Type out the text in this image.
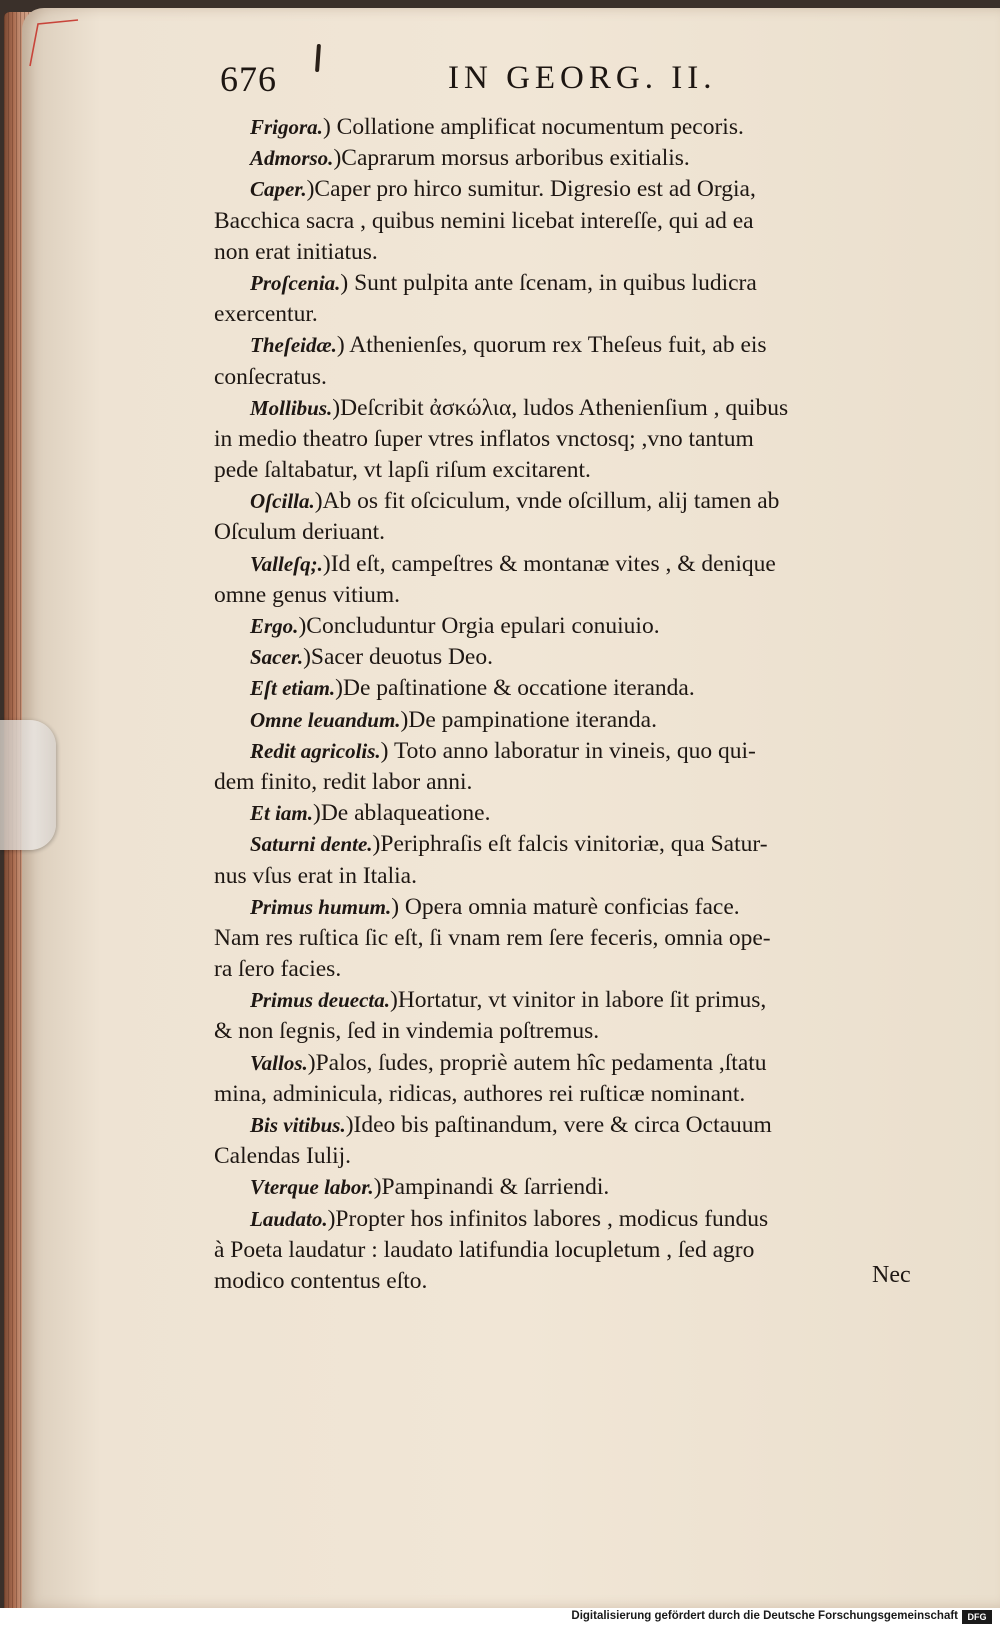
676	IN GEORG. II.
Frigora.) Collatione amplificat nocumentum pecoris.
Admorso.)Caprarum morsus arboribus exitialis.
Caper.)Caper pro hirco sumitur. Digresio est ad Orgia,
Bacchica sacra , quibus nemini licebat intereſſe, qui ad ea
non erat initiatus.
Proſcenia.) Sunt pulpita ante ſcenam, in quibus ludicra
exercentur.
Theſeidæ.) Athenienſes, quorum rex Theſeus fuit, ab eis
conſecratus.
Mollibus.)Deſcribit ἀσκώλια, ludos Athenienſium , quibus
in medio theatro ſuper vtres inflatos vnctosq; ,vno tantum
pede ſaltabatur, vt lapſi riſum excitarent.
Oſcilla.)Ab os fit oſciculum, vnde oſcillum, alij tamen ab
Oſculum deriuant.
Valleſq;.)Id eſt, campeſtres & montanæ vites , & denique
omne genus vitium.
Ergo.)Concluduntur Orgia epulari conuiuio.
Sacer.)Sacer deuotus Deo.
Eſt etiam.)De paſtinatione & occatione iteranda.
Omne leuandum.)De pampinatione iteranda.
Redit agricolis.) Toto anno laboratur in vineis, quo qui-
dem finito, redit labor anni.
Et iam.)De ablaqueatione.
Saturni dente.)Periphraſis eſt falcis vinitoriæ, qua Satur-
nus vſus erat in Italia.
Primus humum.) Opera omnia maturè conficias face.
Nam res ruſtica ſic eſt, ſi vnam rem ſere feceris, omnia ope-
ra ſero facies.
Primus deuecta.)Hortatur, vt vinitor in labore ſit primus,
& non ſegnis, ſed in vindemia poſtremus.
Vallos.)Palos, ſudes, propriè autem hîc pedamenta ,ſtatu
mina, adminicula, ridicas, authores rei ruſticæ nominant.
Bis vitibus.)Ideo bis paſtinandum, vere & circa Octauum
Calendas Iulij.
Vterque labor.)Pampinandi & ſarriendi.
Laudato.)Propter hos infinitos labores , modicus fundus
à Poeta laudatur : laudato latifundia locupletum , ſed agro
modico contentus eſto.	Nec
Digitalisierung gefördert durch die Deutsche Forschungsgemeinschaft	DFG
